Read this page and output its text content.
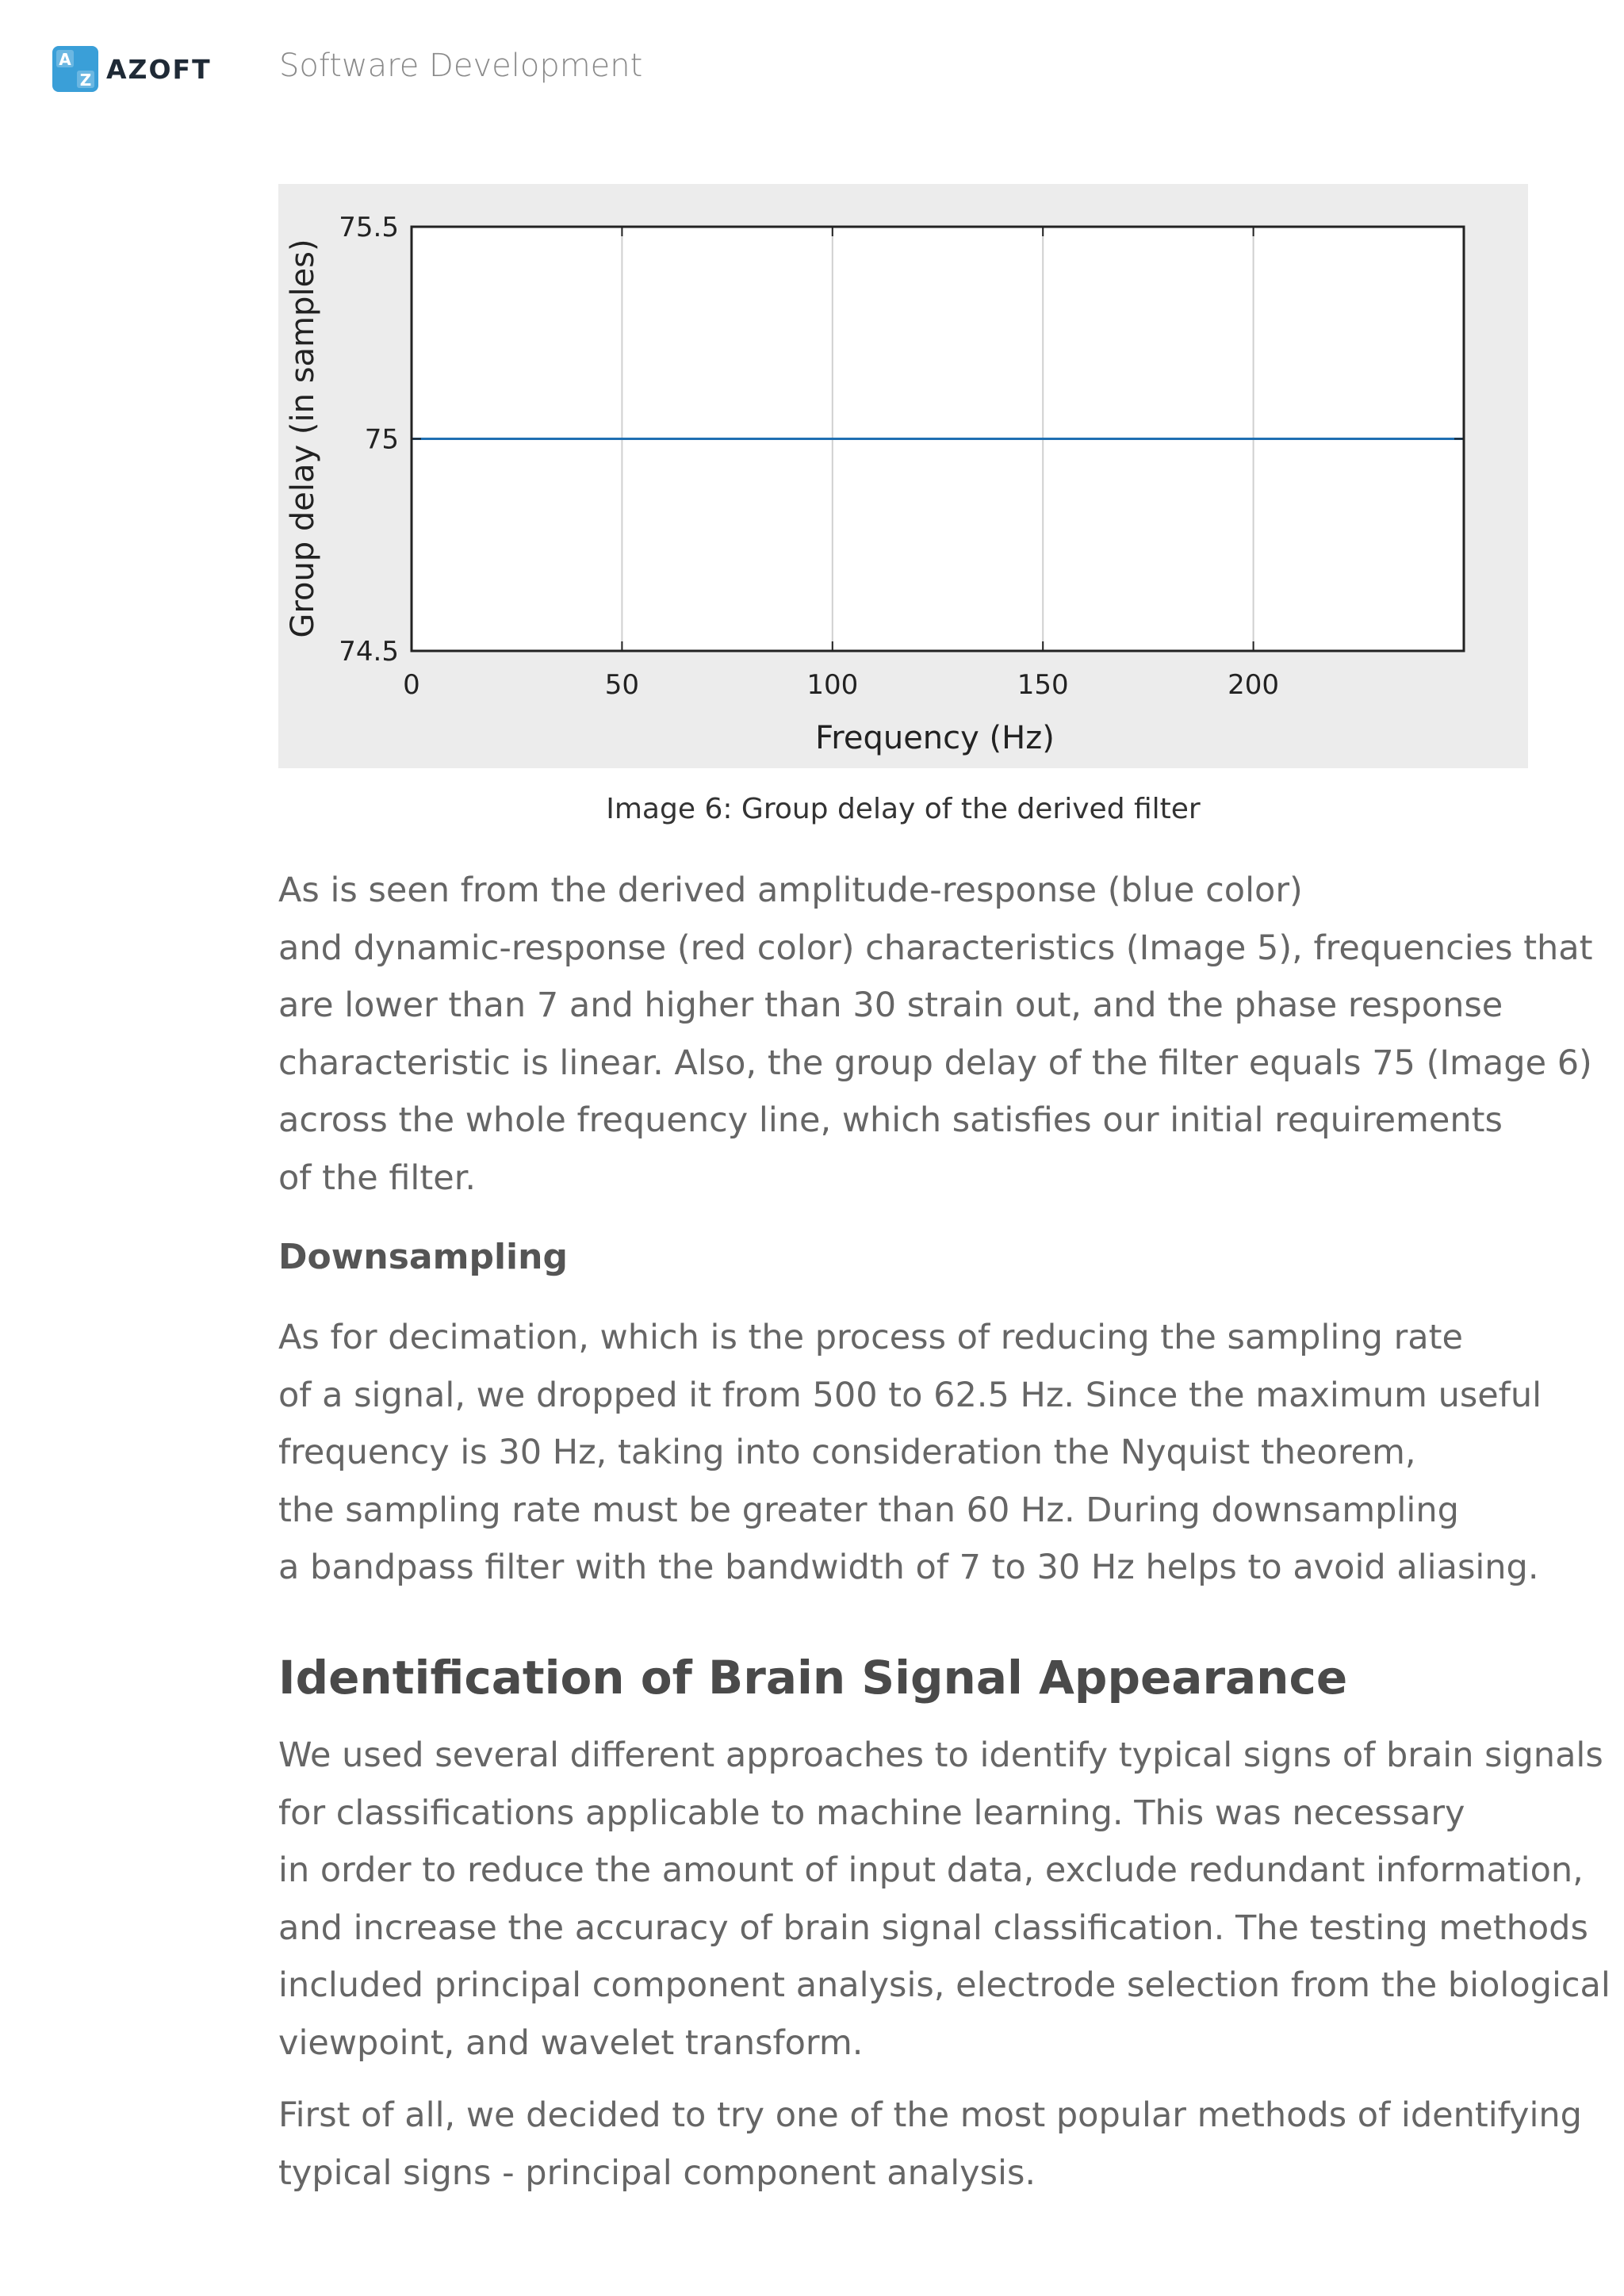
A
Z AZOFT Software Development
0	50	100	150	200
74.5
75
75.5
Frequency (Hz)
Group delay (in samples)
Image 6: Group delay of the derived filter

As is seen from the derived amplitude-response (blue color)
and dynamic-response (red color) characteristics (Image 5), frequencies that
are lower than 7 and higher than 30 strain out, and the phase response
characteristic is linear. Also, the group delay of the filter equals 75 (Image 6)
across the whole frequency line, which satisfies our initial requirements
of the filter.

Downsampling

As for decimation, which is the process of reducing the sampling rate
of a signal, we dropped it from 500 to 62.5 Hz. Since the maximum useful
frequency is 30 Hz, taking into consideration the Nyquist theorem,
the sampling rate must be greater than 60 Hz. During downsampling
a bandpass filter with the bandwidth of 7 to 30 Hz helps to avoid aliasing.

Identification of Brain Signal Appearance

We used several different approaches to identify typical signs of brain signals
for classifications applicable to machine learning. This was necessary
in order to reduce the amount of input data, exclude redundant information,
and increase the accuracy of brain signal classification. The testing methods
included principal component analysis, electrode selection from the biological
viewpoint, and wavelet transform.

First of all, we decided to try one of the most popular methods of identifying
typical signs - principal component analysis.
